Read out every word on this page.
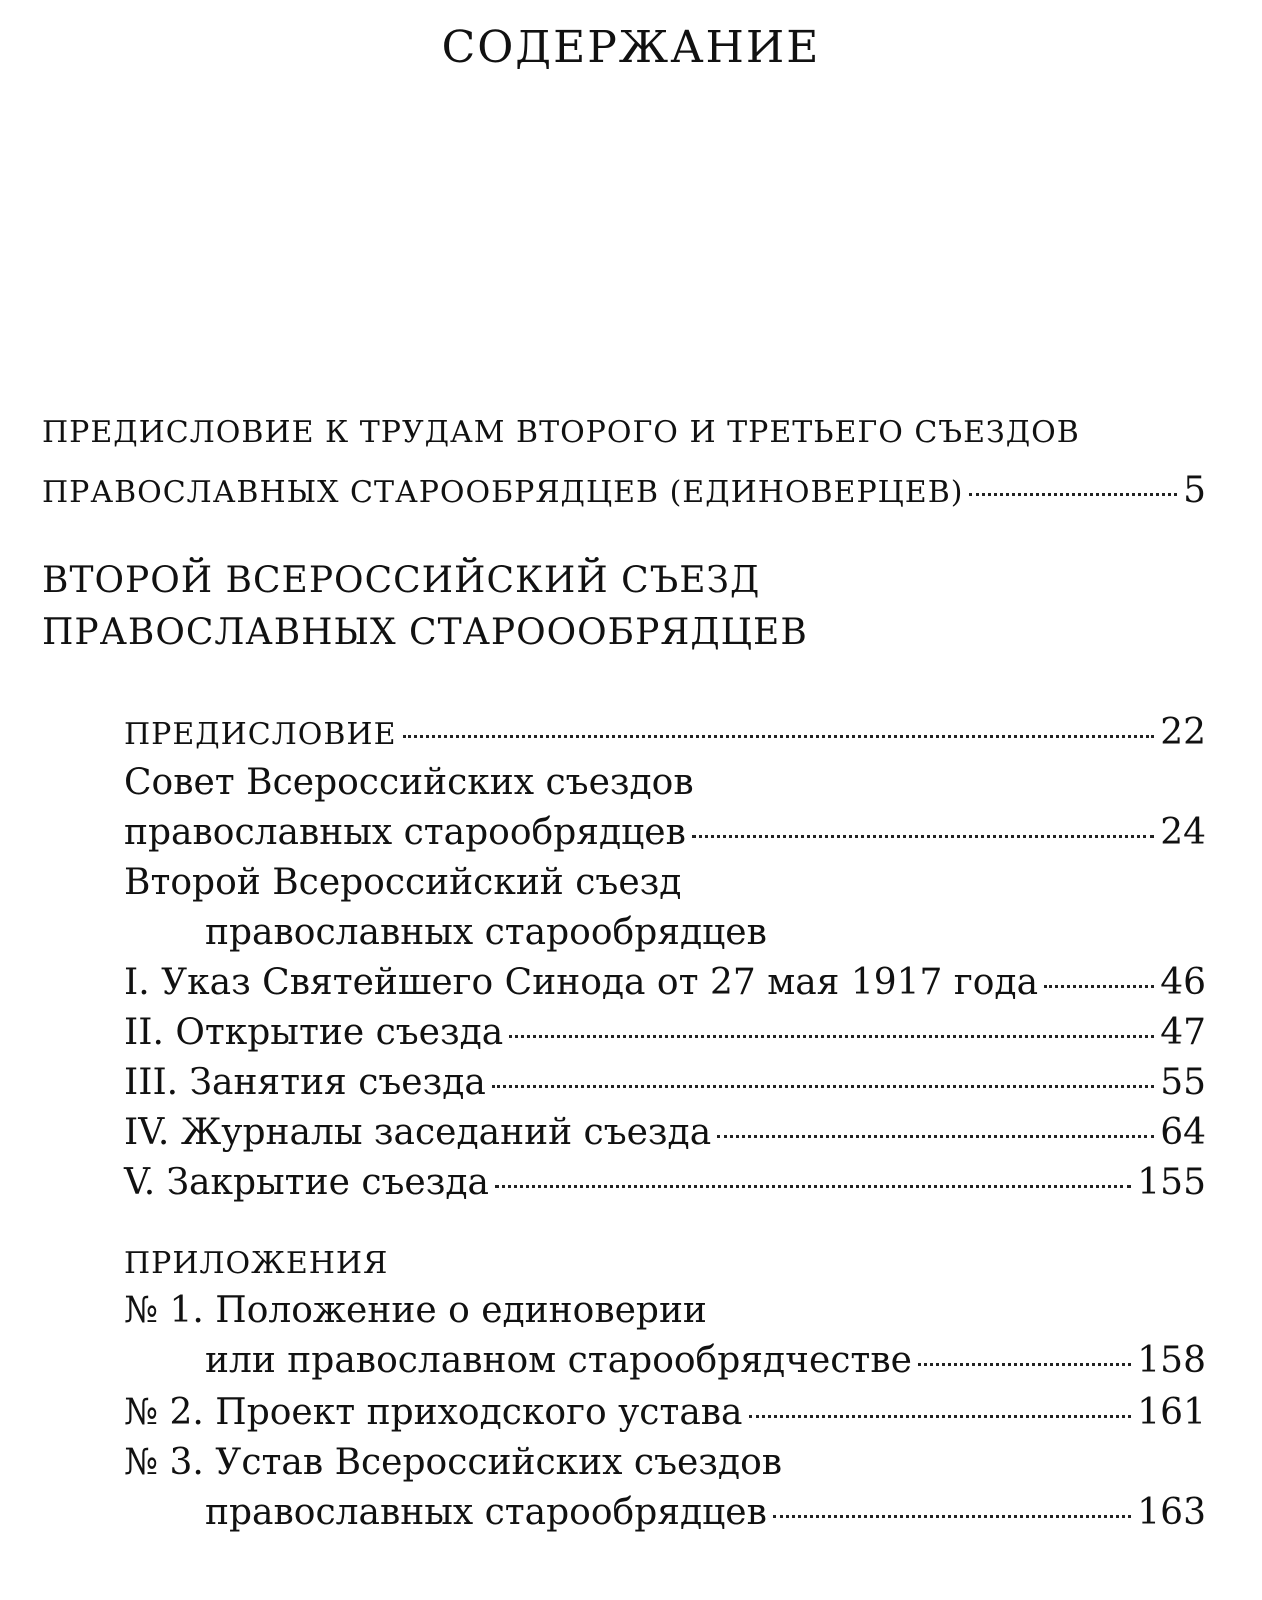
СОДЕРЖАНИЕ
ПРЕДИСЛОВИЕ К ТРУДАМ ВТОРОГО И ТРЕТЬЕГО СЪЕЗДОВ
ПРАВОСЛАВНЫХ СТАРООБРЯДЦЕВ (ЕДИНОВЕРЦЕВ)	5
ВТОРОЙ ВСЕРОССИЙСКИЙ СЪЕЗД
ПРАВОСЛАВНЫХ СТАРОООБРЯДЦЕВ
ПРЕДИСЛОВИЕ	22
Совет Всероссийских съездов
православных старообрядцев	24
Второй Всероссийский съезд
православных старообрядцев
I. Указ Святейшего Синода от 27 мая 1917 года	46
II. Открытие съезда	47
III. Занятия съезда	55
IV. Журналы заседаний съезда	64
V. Закрытие съезда	155
ПРИЛОЖЕНИЯ
№ 1. Положение о единоверии
или православном старообрядчестве	158
№ 2. Проект приходского устава	161
№ 3. Устав Всероссийских съездов
православных старообрядцев	163
